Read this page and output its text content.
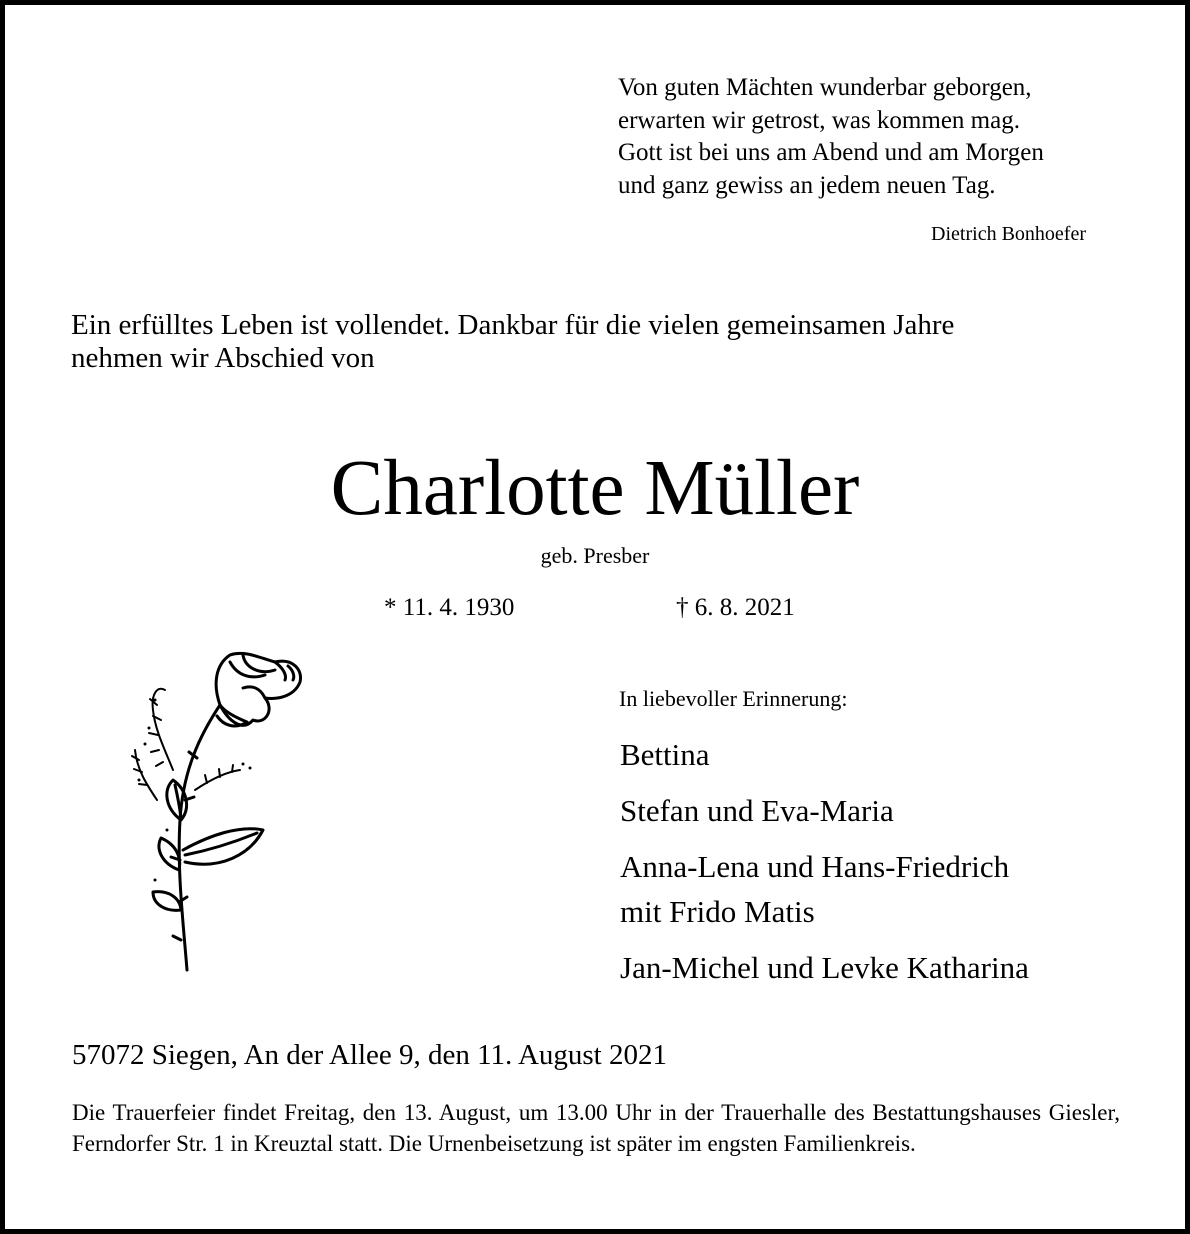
Von guten Mächten wunderbar geborgen,
erwarten wir getrost, was kommen mag.
Gott ist bei uns am Abend und am Morgen
und ganz gewiss an jedem neuen Tag.
Dietrich Bonhoefer
Ein erfülltes Leben ist vollendet. Dankbar für die vielen gemeinsamen Jahre
nehmen wir Abschied von
Charlotte Müller
geb. Presber
* 11. 4. 1930	† 6. 8. 2021
In liebevoller Erinnerung:
Bettina
Stefan und Eva-Maria
Anna-Lena und Hans-Friedrich
mit Frido Matis
Jan-Michel und Levke Katharina
57072 Siegen, An der Allee 9, den 11. August 2021
Die Trauerfeier findet Freitag, den 13. August, um 13.00 Uhr in der Trauerhalle des Bestattungshauses Giesler, Ferndorfer Str. 1 in Kreuztal statt. Die Urnenbeisetzung ist später im engsten Familienkreis.
